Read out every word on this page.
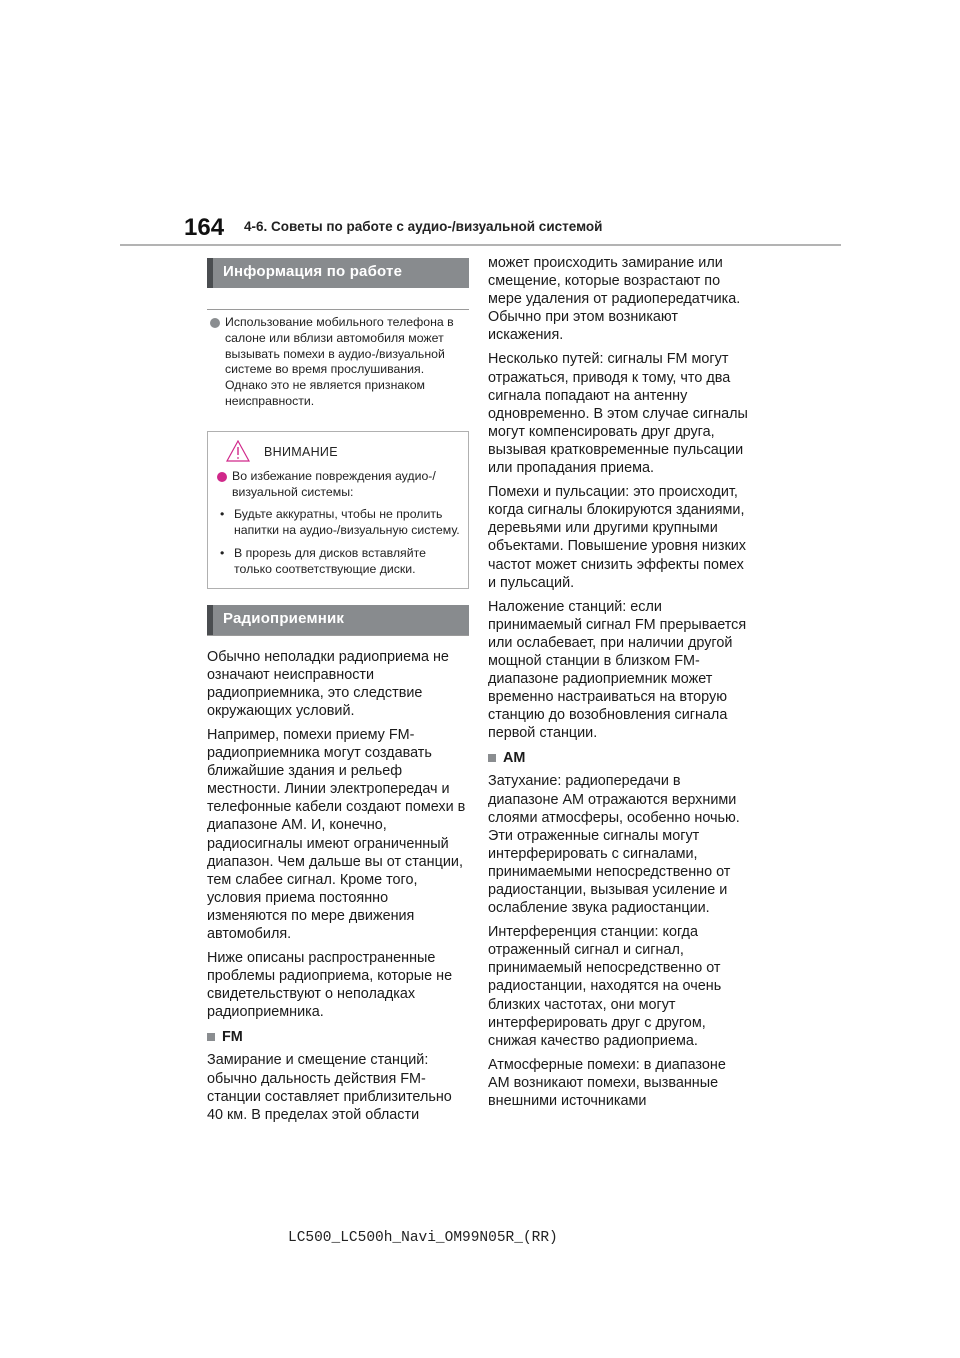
164 4-6. Советы по работе с аудио-/визуальной системой
Информация по работе
Использование мобильного телефона в салоне или вблизи автомобиля может вызывать помехи в аудио-/визуальной системе во время прослушивания. Однако это не является признаком неисправности.
ВНИМАНИЕ
Во избежание повреждения аудио-/визуальной системы:
• Будьте аккуратны, чтобы не пролить напитки на аудио-/визуальную систему.
• В прорезь для дисков вставляйте только соответствующие диски.
Радиоприемник

Обычно неполадки радиоприема не означают неисправности радиоприемника, это следствие окружающих условий.

Например, помехи приему FM-радиоприемника могут создавать ближайшие здания и рельеф местности. Линии электропередач и телефонные кабели создают помехи в диапазоне AM. И, конечно, радиосигналы имеют ограниченный диапазон. Чем дальше вы от станции, тем слабее сигнал. Кроме того, условия приема постоянно изменяются по мере движения автомобиля.

Ниже описаны распространенные проблемы радиоприема, которые не свидетельствуют о неполадках радиоприемника.

FM

Замирание и смещение станций: обычно дальность действия FM-станции составляет приблизительно 40 км. В пределах этой области

может происходить замирание или смещение, которые возрастают по мере удаления от радиопередатчика. Обычно при этом возникают искажения.

Несколько путей: сигналы FM могут отражаться, приводя к тому, что два сигнала попадают на антенну одновременно. В этом случае сигналы могут компенсировать друг друга, вызывая кратковременные пульсации или пропадания приема.

Помехи и пульсации: это происходит, когда сигналы блокируются зданиями, деревьями или другими крупными объектами. Повышение уровня низких частот может снизить эффекты помех и пульсаций.

Наложение станций: если принимаемый сигнал FM прерывается или ослабевает, при наличии другой мощной станции в близком FM-диапазоне радиоприемник может временно настраиваться на вторую станцию до возобновления сигнала первой станции.

AM

Затухание: радиопередачи в диапазоне AM отражаются верхними слоями атмосферы, особенно ночью. Эти отраженные сигналы могут интерферировать с сигналами, принимаемыми непосредственно от радиостанции, вызывая усиление и ослабление звука радиостанции.

Интерференция станции: когда отраженный сигнал и сигнал, принимаемый непосредственно от радиостанции, находятся на очень близких частотах, они могут интерферировать друг с другом, снижая качество радиоприема.

Атмосферные помехи: в диапазоне AM возникают помехи, вызванные внешними источниками

LC500_LC500h_Navi_OM99N05R_(RR)
